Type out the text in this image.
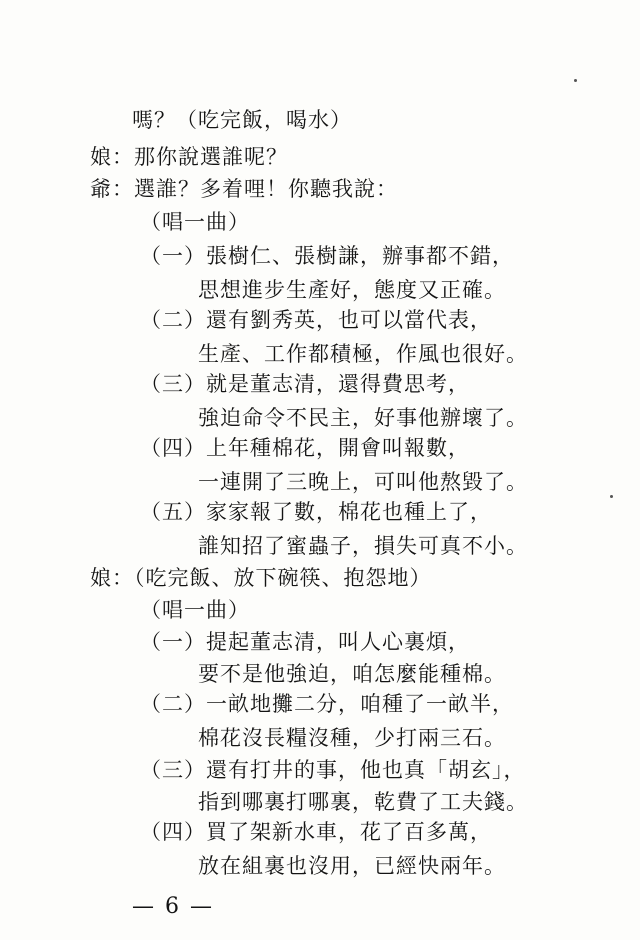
嗎？（吃完飯，喝水）
娘：那你說選誰呢？
爺：選誰？多着哩！你聽我說：
（唱一曲）
（一）張樹仁、張樹謙，辦事都不錯，
思想進步生產好，態度又正確。
（二）還有劉秀英，也可以當代表，
生產、工作都積極，作風也很好。
（三）就是董志清，還得費思考，
強迫命令不民主，好事他辦壞了。
（四）上年種棉花，開會叫報數，
一連開了三晚上，可叫他熬毀了。
（五）家家報了數，棉花也種上了，
誰知招了蜜蟲子，損失可真不小。
娘：（吃完飯、放下碗筷、抱怨地）
（唱一曲）
（一）提起董志清，叫人心裏煩，
要不是他強迫，咱怎麼能種棉。
（二）一畝地攤二分，咱種了一畝半，
棉花沒長糧沒種，少打兩三石。
（三）還有打井的事，他也真「胡玄」，
指到哪裏打哪裏，乾費了工夫錢。
（四）買了架新水車，花了百多萬，
放在組裏也沒用，已經快兩年。
— 6 —
